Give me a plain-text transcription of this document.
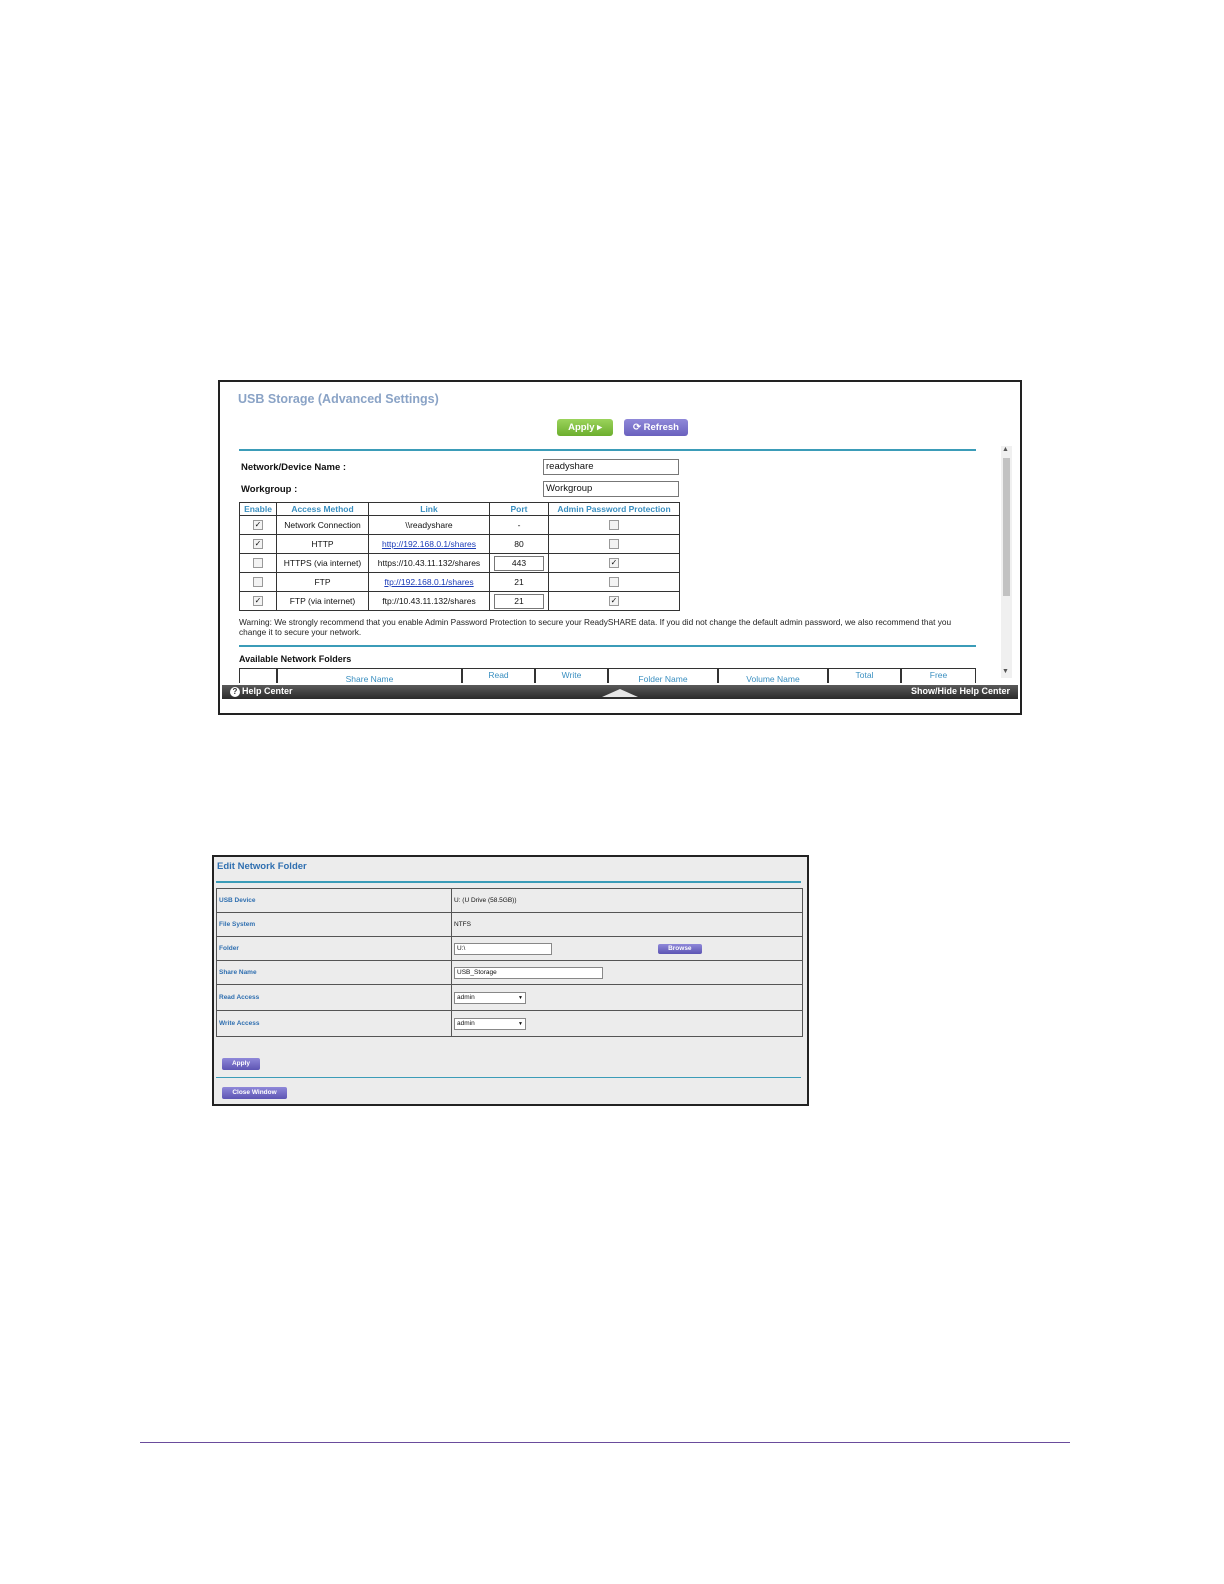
USB Storage (Advanced Settings)
Apply ▸	⟳ Refresh
Network/Device Name :	readyshare
Workgroup :	Workgroup
Enable	Access Method	Link	Port	Admin Password Protection
✓	Network Connection	\\readyshare	-	
✓	HTTP	http://192.168.0.1/shares	80	
	HTTPS (via internet)	https://10.43.11.132/shares	443	✓
	FTP	ftp://192.168.0.1/shares	21	
✓	FTP (via internet)	ftp://10.43.11.132/shares	21	✓
Warning: We strongly recommend that you enable Admin Password Protection to secure your ReadySHARE data. If you did not change the default admin password, we also recommend that you change it to secure your network.
Available Network Folders
Share Name	Read	Write	Folder Name	Volume Name	Total	Free
▲
▼
? Help Center	Show/Hide Help Center
Edit Network Folder
USB Device	U: (U Drive (58.5GB))
File System	NTFS
Folder	U:\ Browse
Share Name	USB_Storage
Read Access	admin ▼

Write Access	admin ▼
Apply
Close Window
